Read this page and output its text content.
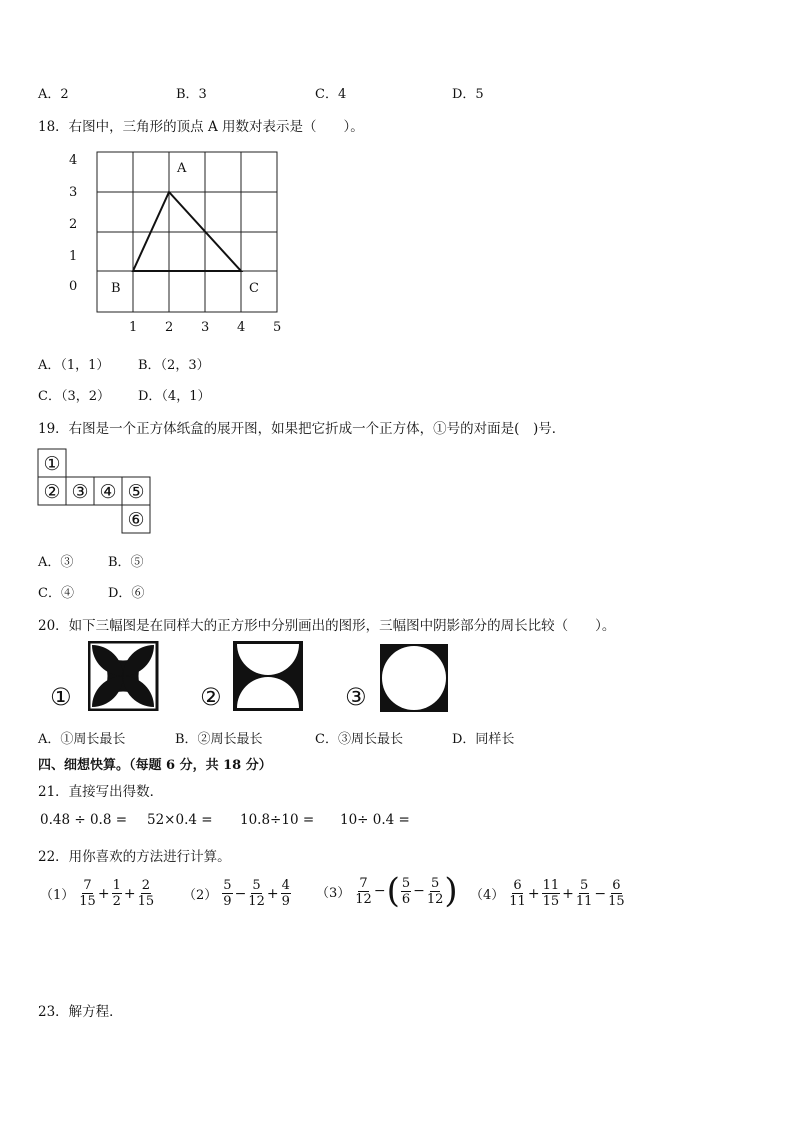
A．2	B．3	C．4	D．5
18．右图中，三角形的顶点 A 用数对表示是（　　）。
4
3
2
1
0
1 2 3 4 5
A
B	C
A．（1，1） B．（2，3）
C．（3，2） D．（4，1）
19．右图是一个正方体纸盒的展开图，如果把它折成一个正方体，①号的对面是(　)号．
①
② ③ ④ ⑤
⑥
A．③	B．⑤
C．④	D．⑥
20．如下三幅图是在同样大的正方形中分别画出的图形，三幅图中阴影部分的周长比较（　　）。
①	②	③
A．①周长最长	B．②周长最长	C．③周长最长	D．同样长
四、细想快算。（每题 6 分，共 18 分）
21．直接写出得数．
0.48 ÷ 0.8 = 52×0.4 = 10.8÷10 = 10÷ 0.4 =
22．用你喜欢的方法进行计算。
$(1) \frac{7}{15} + \frac{1}{2} + \frac{2}{15} (2) \frac{5}{9} - \frac{5}{12} + \frac{4}{9} (3) \frac{7}{12}$ − ( $\frac{5}{6} - \frac{5}{12}$ ) $(4) \frac{6}{11} + \frac{11}{15} + \frac{5}{11} - \frac{6}{15}$
23．解方程．
